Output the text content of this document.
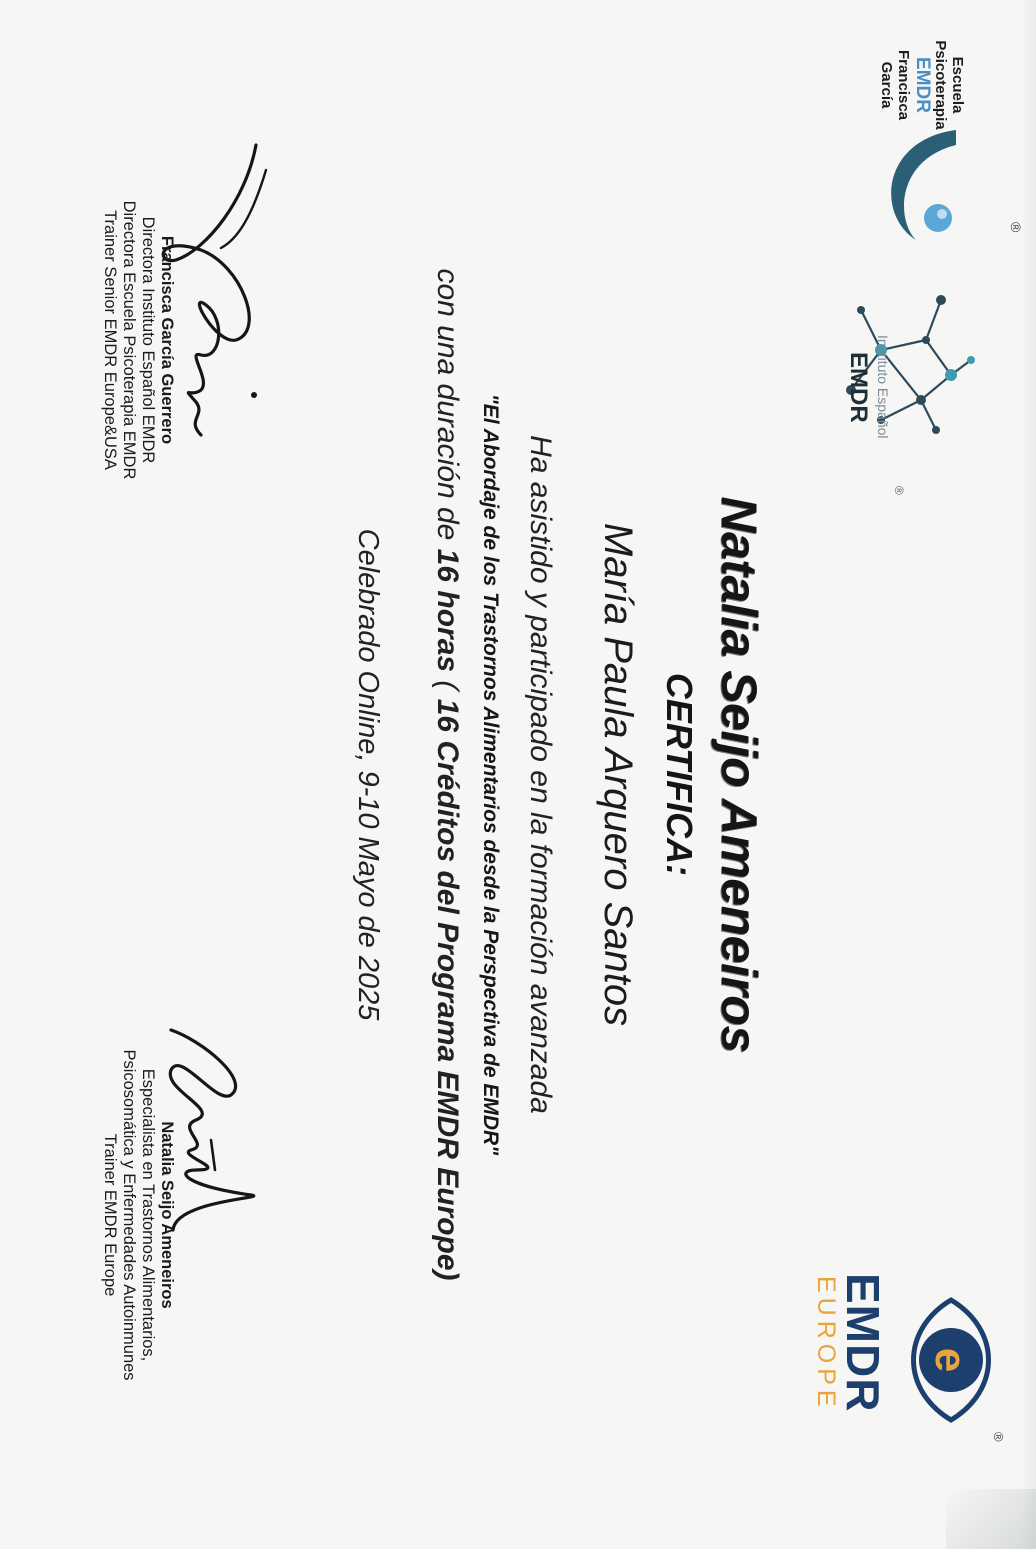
Escuela
Psicoterapia
EMDR
Francisca
García
®
Instituto Español
EMDR
®
e
EMDR
EUROPE
®
Natalia Seijo Ameneiros
CERTIFICA:
María Paula Arquero Santos
Ha asistido y participado en la formación avanzada
"El Abordaje de los Trastornos Alimentarios desde la Perspectiva de EMDR"
con una duración de 16 horas ( 16 Créditos del Programa EMDR Europe)
Celebrado Online, 9-10 Mayo de 2025
Francisca García Guerrero
Directora Instituto Español EMDR
Directora Escuela Psicoterapia EMDR
Trainer Senior EMDR Europe&USA
Natalia Seijo Ameneiros
Especialista en Trastornos Alimentarios,
Psicosomática y Enfermedades Autoinmunes
Trainer EMDR Europe
